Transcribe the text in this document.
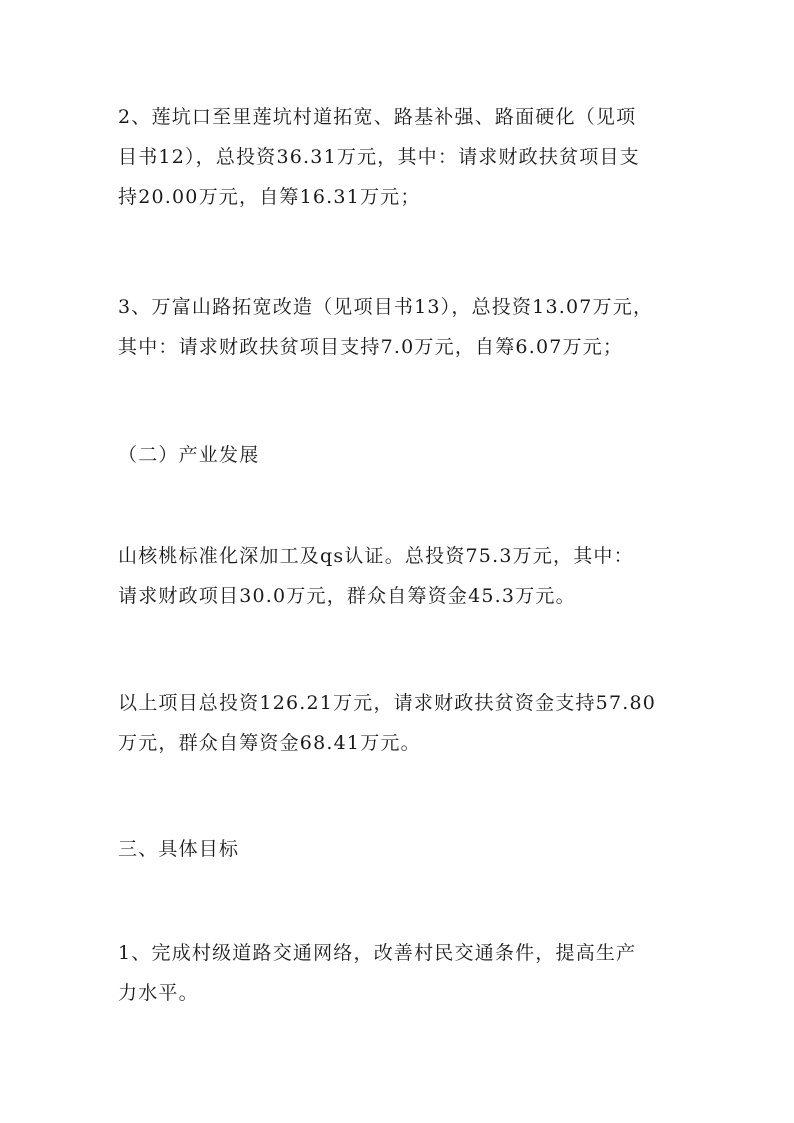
2、莲坑口至里莲坑村道拓宽、路基补强、路面硬化（见项
目书12），总投资36.31万元，其中：请求财政扶贫项目支
持20.00万元，自筹16.31万元；

3、万富山路拓宽改造（见项目书13），总投资13.07万元，
其中：请求财政扶贫项目支持7.0万元，自筹6.07万元；

（二）产业发展

山核桃标准化深加工及qs认证。总投资75.3万元，其中：
请求财政项目30.0万元，群众自筹资金45.3万元。

以上项目总投资126.21万元，请求财政扶贫资金支持57.80
万元，群众自筹资金68.41万元。

三、具体目标

1、完成村级道路交通网络，改善村民交通条件，提高生产
力水平。
